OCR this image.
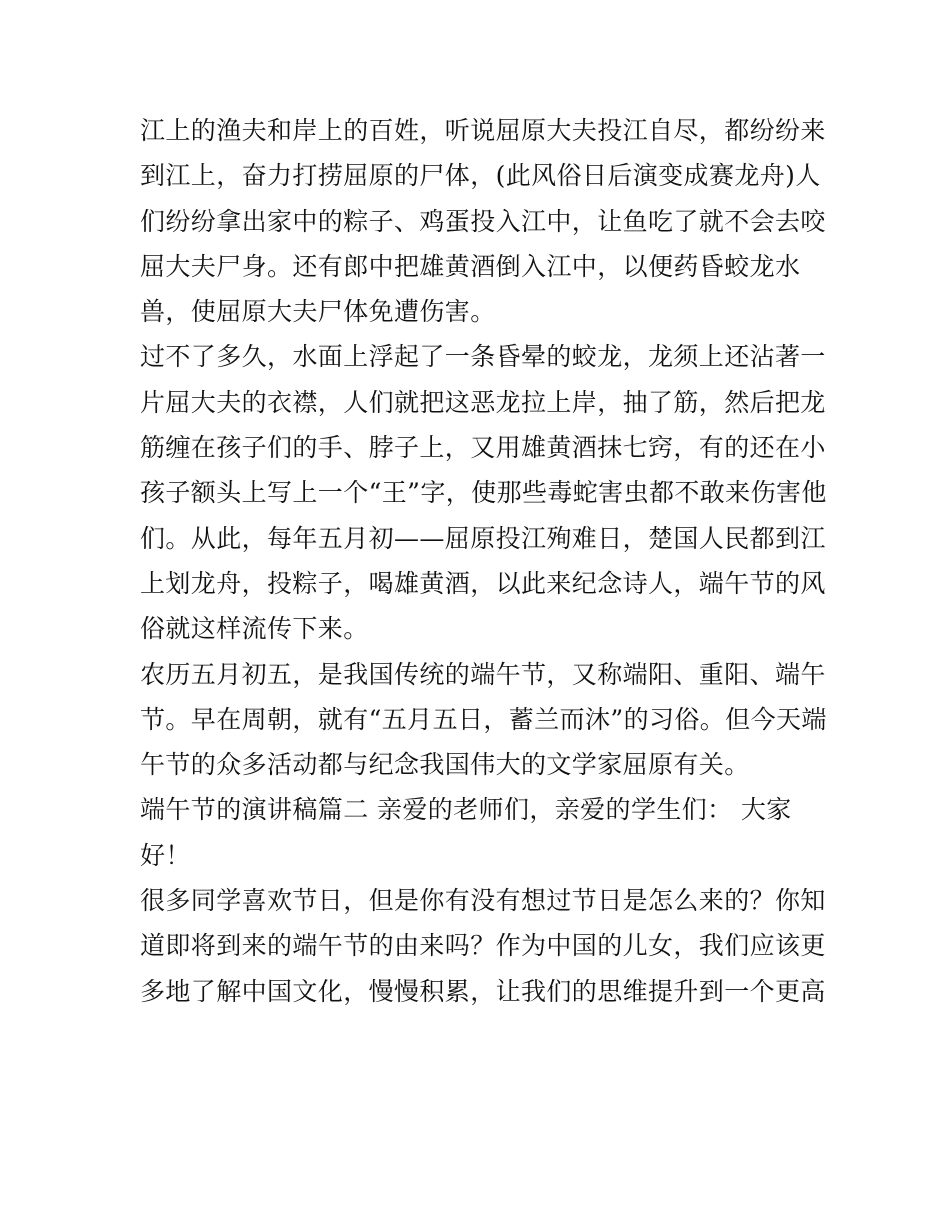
江上的渔夫和岸上的百姓，听说屈原大夫投江自尽，都纷纷来
到江上，奋力打捞屈原的尸体，(此风俗日后演变成赛龙舟)人
们纷纷拿出家中的粽子、鸡蛋投入江中，让鱼吃了就不会去咬
屈大夫尸身。还有郎中把雄黄酒倒入江中，以便药昏蛟龙水
兽，使屈原大夫尸体免遭伤害。
过不了多久，水面上浮起了一条昏晕的蛟龙，龙须上还沾著一
片屈大夫的衣襟，人们就把这恶龙拉上岸，抽了筋，然后把龙
筋缠在孩子们的手、脖子上，又用雄黄酒抹七窍，有的还在小
孩子额头上写上一个“王”字，使那些毒蛇害虫都不敢来伤害他
们。从此，每年五月初——屈原投江殉难日，楚国人民都到江
上划龙舟，投粽子，喝雄黄酒，以此来纪念诗人，端午节的风
俗就这样流传下来。
农历五月初五，是我国传统的端午节，又称端阳、重阳、端午
节。早在周朝，就有“五月五日，蓄兰而沐”的习俗。但今天端
午节的众多活动都与纪念我国伟大的文学家屈原有关。
端午节的演讲稿篇二 亲爱的老师们，亲爱的学生们： 大家
好！
很多同学喜欢节日，但是你有没有想过节日是怎么来的？你知
道即将到来的端午节的由来吗？作为中国的儿女，我们应该更
多地了解中国文化，慢慢积累，让我们的思维提升到一个更高
